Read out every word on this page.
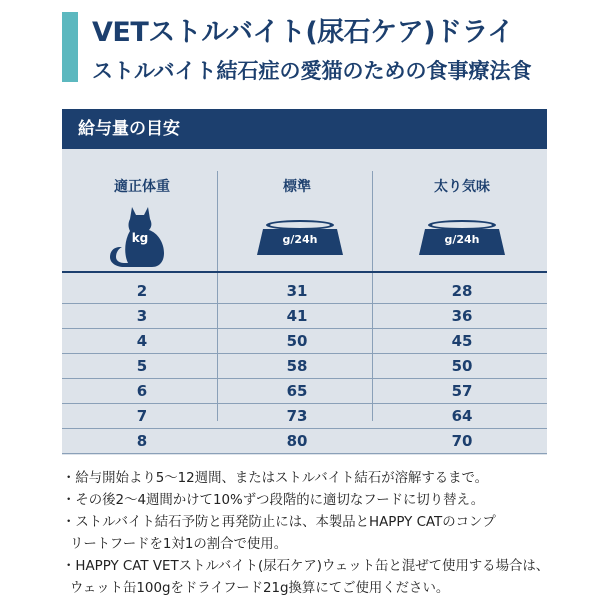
VETストルバイト(尿石ケア)ドライ
ストルバイト結石症の愛猫のための食事療法食
給与量の目安
適正体重	標準	太り気味
kg	g/24h	g/24h
2	31	28
3	41	36
4	50	45
5	58	50
6	65	57
7	73	64
8	80	70
・給与開始より5～12週間、またはストルバイト結石が溶解するまで。
・その後2～4週間かけて10%ずつ段階的に適切なフードに切り替え。
・ストルバイト結石予防と再発防止には、本製品とHAPPY CATのコンプ
リートフードを1対1の割合で使用。
・HAPPY CAT VETストルバイト(尿石ケア)ウェット缶と混ぜて使用する場合は、
ウェット缶100gをドライフード21g換算にてご使用ください。
